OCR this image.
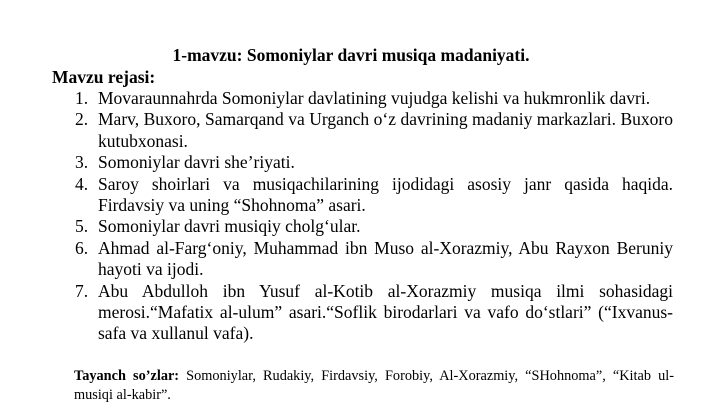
1-mavzu: Somoniylar davri musiqa madaniyati.
Mavzu rejasi:
1. Movaraunnahrda Somoniylar davlatining vujudga kelishi va hukmronlik davri.
2. Marv, Buxoro, Samarqand va Urganch o‘z davrining madaniy markazlari. Buxoro kutubxonasi.
3. Somoniylar davri she’riyati.
4. Saroy shoirlari va musiqachilarining ijodidagi asosiy janr qasida haqida. Firdavsiy va uning “Shohnoma” asari.
5. Somoniylar davri musiqiy cholg‘ular.
6. Ahmad al-Farg‘oniy, Muhammad ibn Muso al-Xorazmiy, Abu Rayxon Beruniy hayoti va ijodi.
7. Abu Abdulloh ibn Yusuf al-Kotib al-Xorazmiy musiqa ilmi sohasidagi merosi.“Mafatix al-ulum” asari.“Soflik birodarlari va vafo do‘stlari” (“Ixvanus-safa va xullanul vafa).
Tayanch so’zlar: Somoniylar, Rudakiy, Firdavsiy, Forobiy, Al-Xorazmiy, “SHohnoma”, “Kitab ul-musiqi al-kabir”.
